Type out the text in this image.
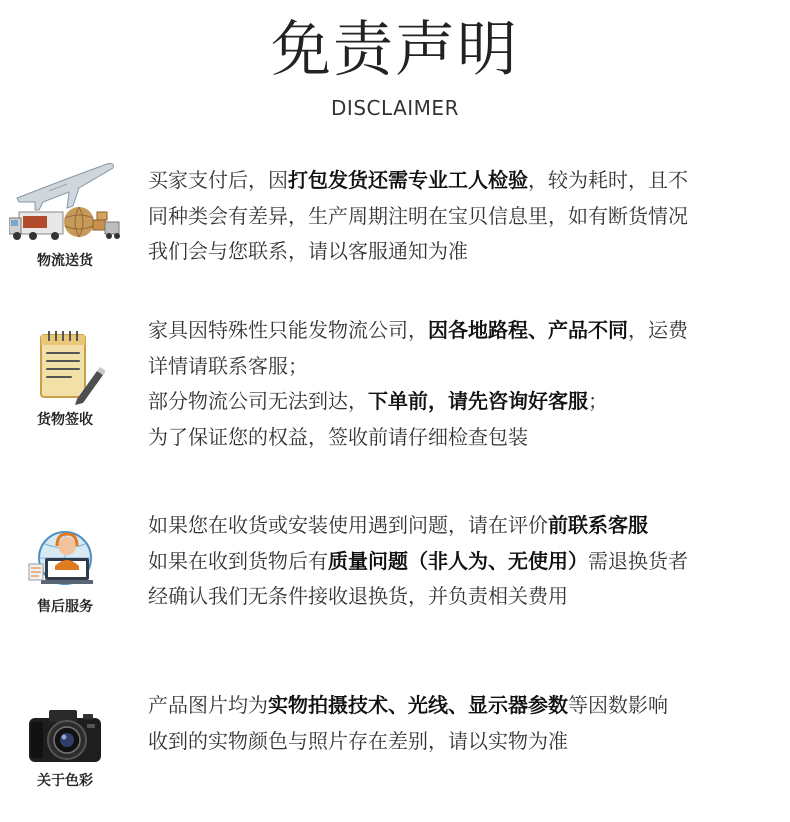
免责声明
DISCLAIMER
物流送货
买家支付后，因打包发货还需专业工人检验，较为耗时，且不
同种类会有差异，生产周期注明在宝贝信息里，如有断货情况
我们会与您联系，请以客服通知为准
货物签收
家具因特殊性只能发物流公司，因各地路程、产品不同，运费
详情请联系客服；
部分物流公司无法到达，下单前，请先咨询好客服；
为了保证您的权益，签收前请仔细检查包装
售后服务
如果您在收货或安装使用遇到问题，请在评价前联系客服
如果在收到货物后有质量问题（非人为、无使用）需退换货者
经确认我们无条件接收退换货，并负责相关费用
关于色彩
产品图片均为实物拍摄技术、光线、显示器参数等因数影响
收到的实物颜色与照片存在差别，请以实物为准
